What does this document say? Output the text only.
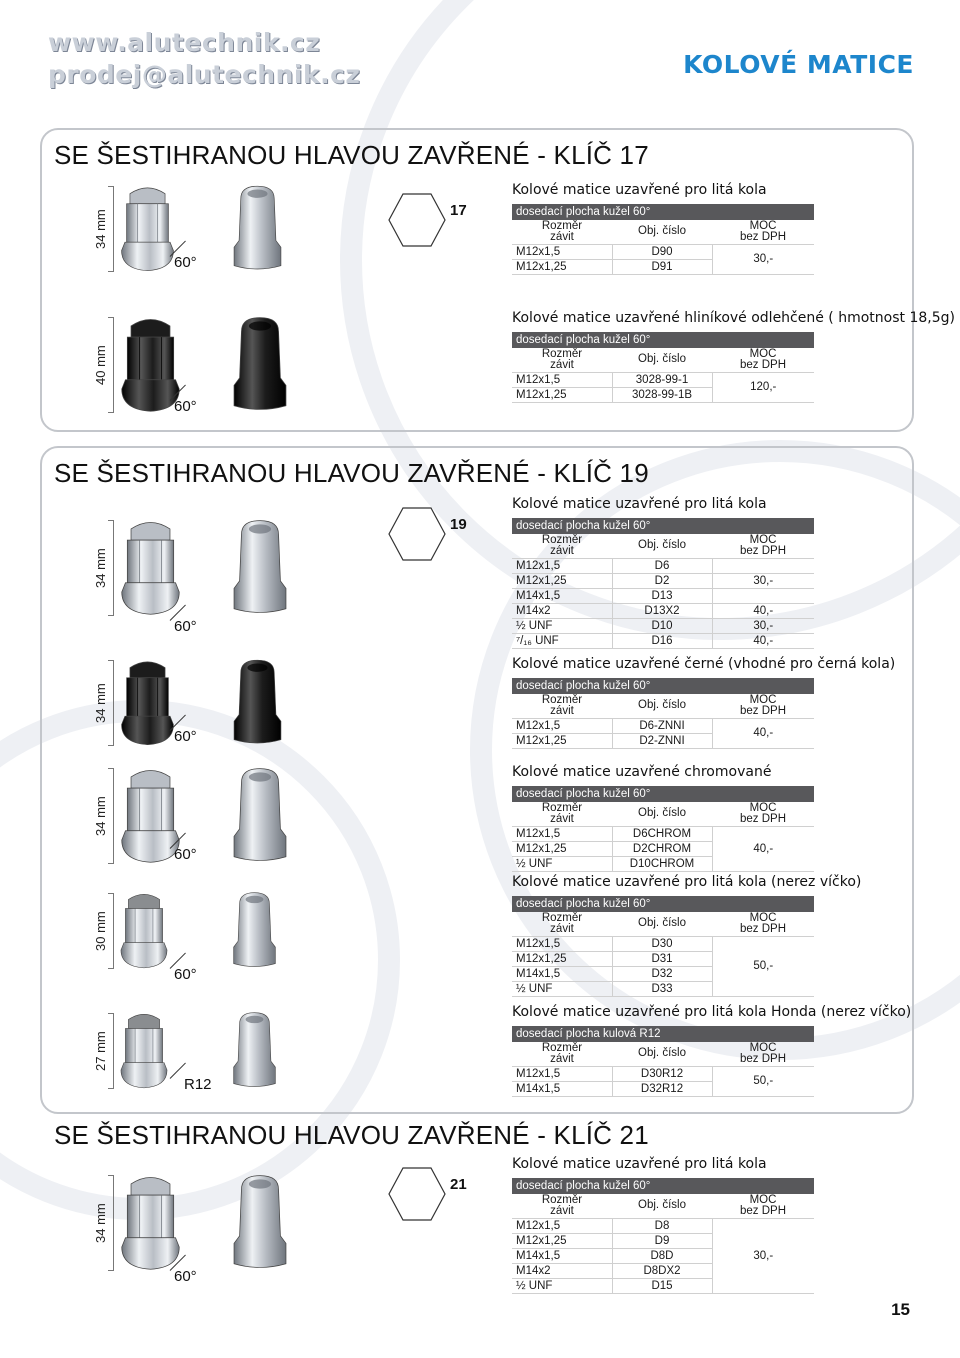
www.alutechnik.cz
prodej@alutechnik.cz	KOLOVÉ MATICE
SE ŠESTIHRANOU HLAVOU ZAVŘENÉ - KLÍČ 17
SE ŠESTIHRANOU HLAVOU ZAVŘENÉ - KLÍČ 19
SE ŠESTIHRANOU HLAVOU ZAVŘENÉ - KLÍČ 21
34 mm
60°
17
Kolové matice uzavřené pro litá kola
dosedací plocha kužel 60°		
Rozměr
závit	Obj. číslo	MOC
bez DPH
M12x1,5	D90	30,-
M12x1,25	D91	
40 mm
60°
Kolové matice uzavřené hliníkové odlehčené ( hmotnost 18,5g)
dosedací plocha kužel 60°		
Rozměr
závit	Obj. číslo	MOC
bez DPH
M12x1,5	3028-99-1	120,-
M12x1,25	3028-99-1B	
34 mm
60°
19
Kolové matice uzavřené pro litá kola
dosedací plocha kužel 60°		
Rozměr
závit	Obj. číslo	MOC
bez DPH
M12x1,5	D6	
M12x1,25	D2	30,-
M14x1,5	D13	
M14x2	D13X2	40,-
½ UNF	D10	30,-
⁷/₁₆ UNF	D16	40,-
34 mm
60°
Kolové matice uzavřené černé (vhodné pro černá kola)
dosedací plocha kužel 60°		
Rozměr
závit	Obj. číslo	MOC
bez DPH
M12x1,5	D6-ZNNI	40,-
M12x1,25	D2-ZNNI	
34 mm
60°
Kolové matice uzavřené chromované
dosedací plocha kužel 60°		
Rozměr
závit	Obj. číslo	MOC
bez DPH
M12x1,5	D6CHROM	40,-
M12x1,25	D2CHROM	
½ UNF	D10CHROM	
30 mm
60°
Kolové matice uzavřené pro litá kola (nerez víčko)
dosedací plocha kužel 60°		
Rozměr
závit	Obj. číslo	MOC
bez DPH
M12x1,5	D30	50,-
M12x1,25	D31	
M14x1,5	D32	
½ UNF	D33	
27 mm
R12
Kolové matice uzavřené pro litá kola Honda (nerez víčko)
dosedací plocha kulová R12		
Rozměr
závit	Obj. číslo	MOC
bez DPH
M12x1,5	D30R12	50,-
M14x1,5	D32R12	
34 mm
60°
21
Kolové matice uzavřené pro litá kola
dosedací plocha kužel 60°		
Rozměr
závit	Obj. číslo	MOC
bez DPH
M12x1,5	D8	30,-
M12x1,25	D9	
M14x1,5	D8D	
M14x2	D8DX2	
½ UNF	D15	
15
